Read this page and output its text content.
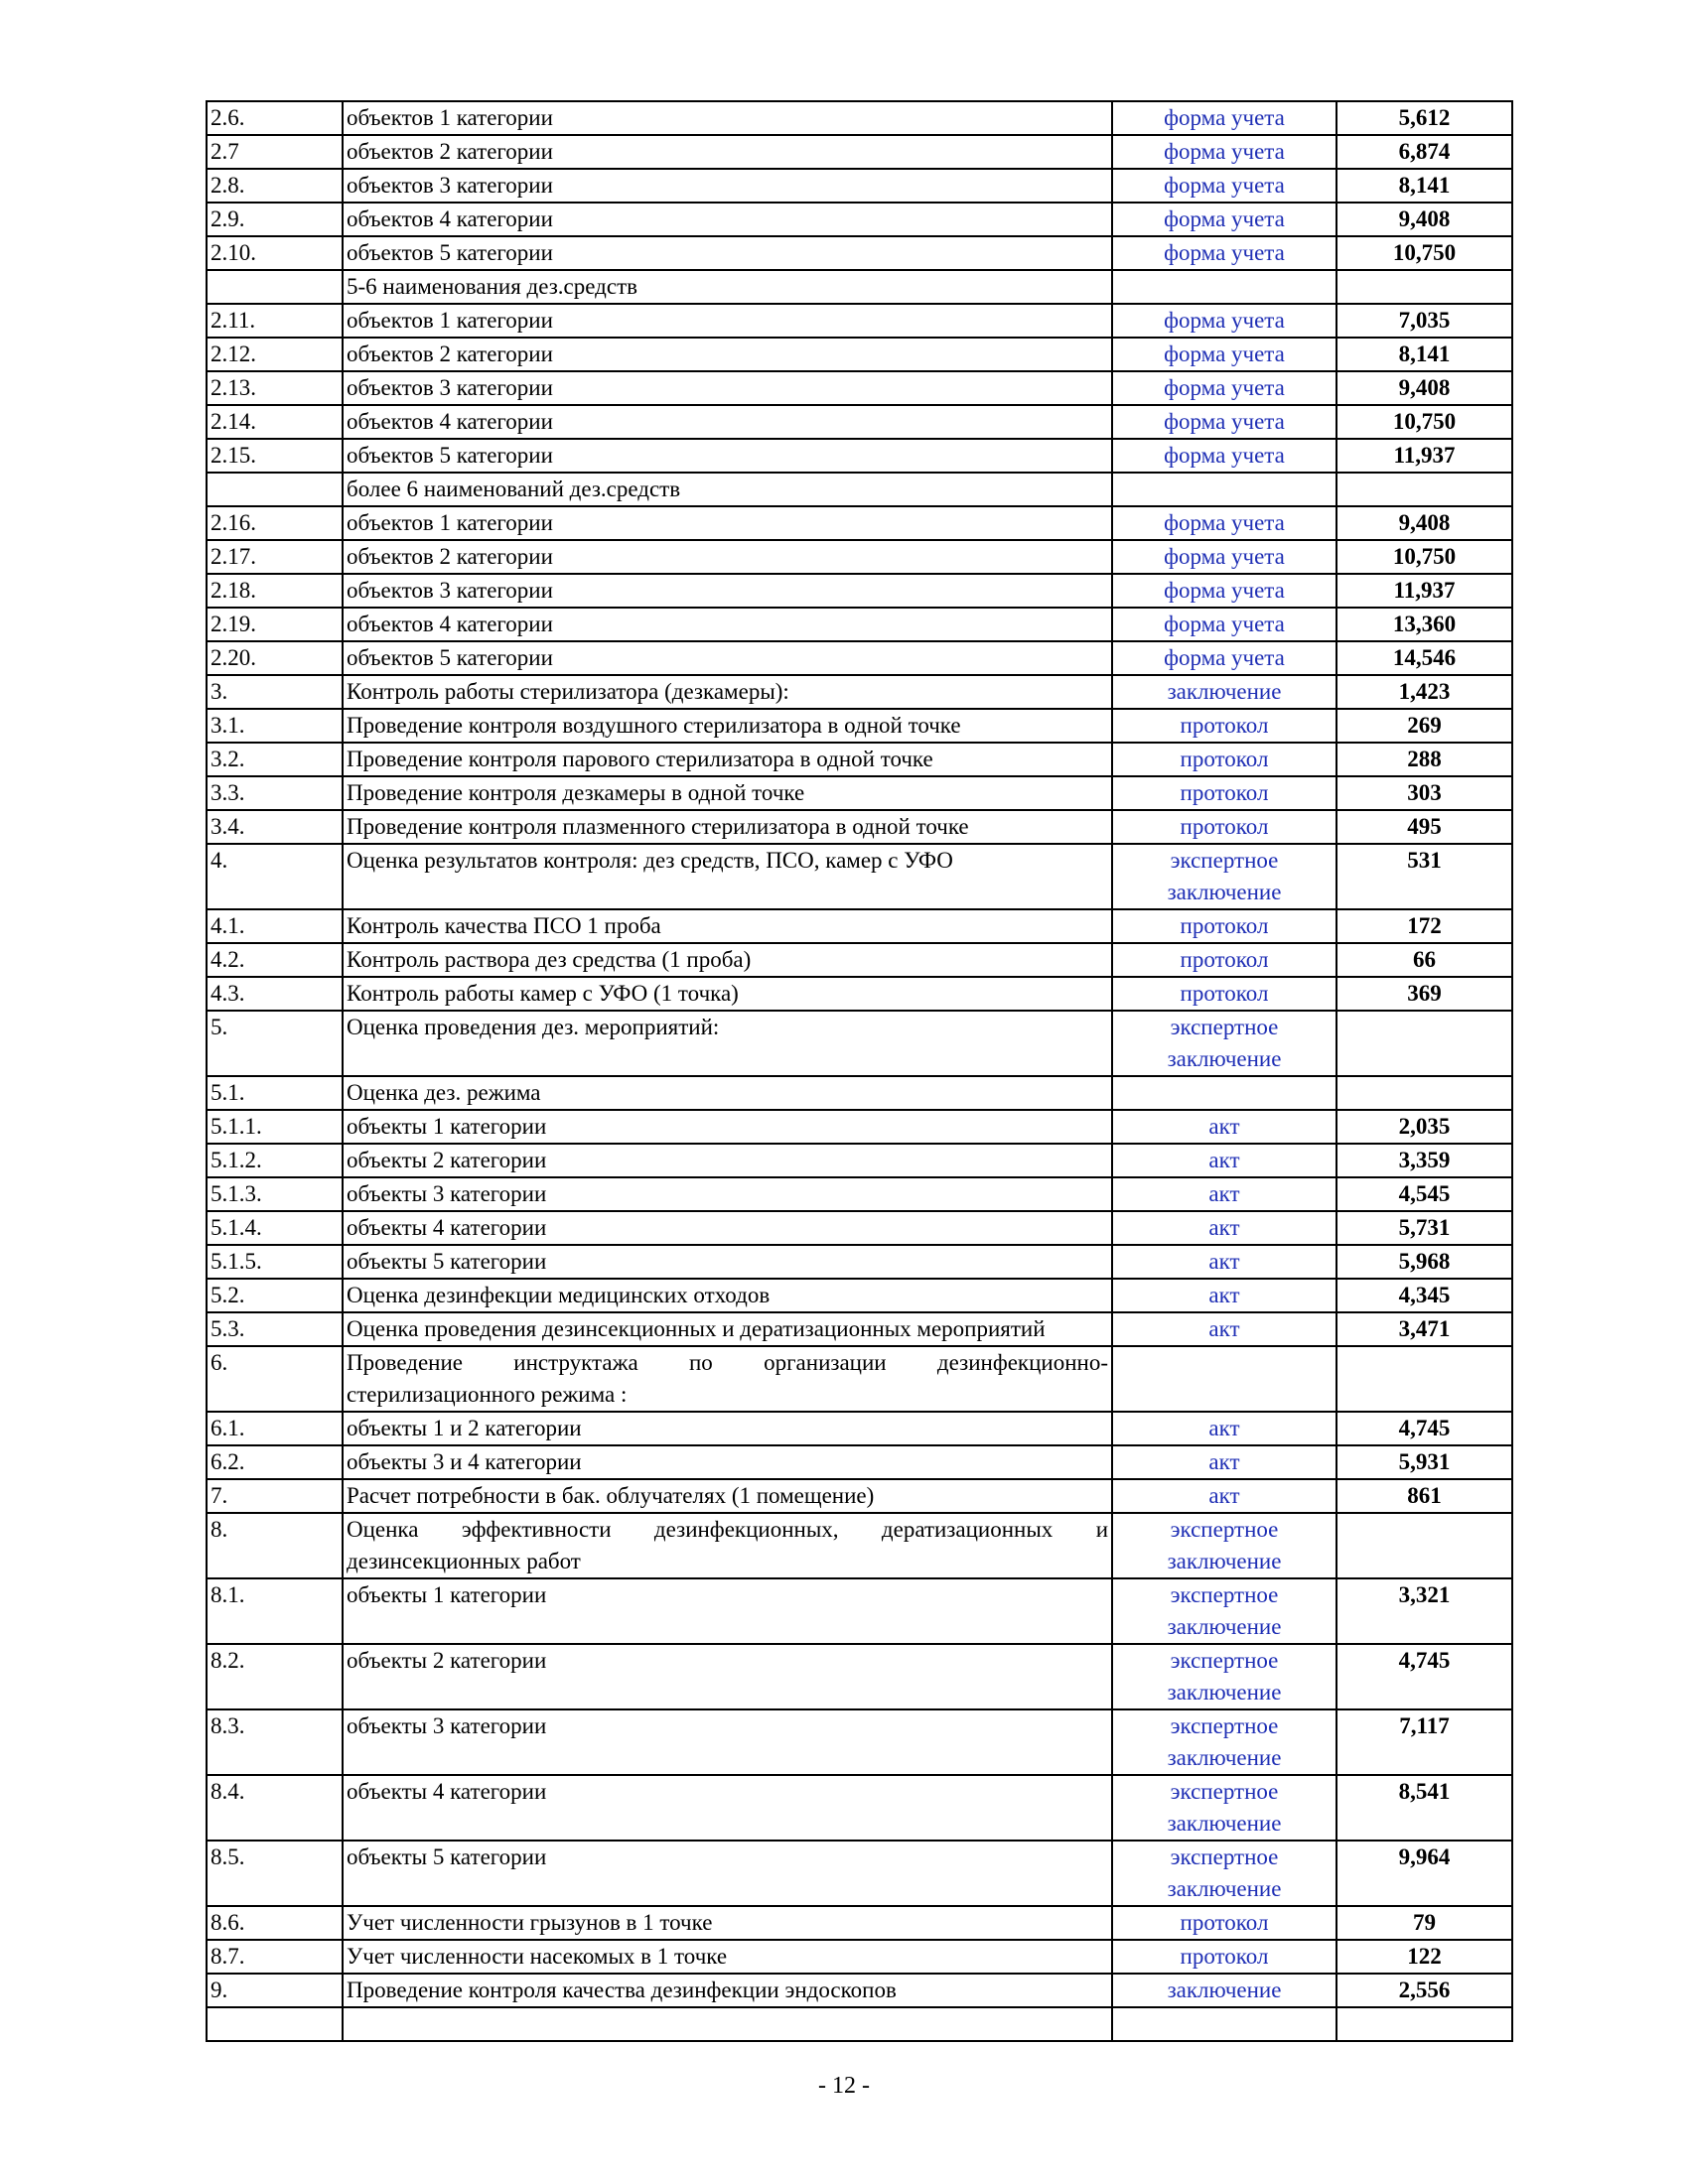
2.6.	объектов 1 категории	форма учета	5,612
2.7	объектов 2 категории	форма учета	6,874
2.8.	объектов 3 категории	форма учета	8,141
2.9.	объектов 4 категории	форма учета	9,408
2.10.	объектов 5 категории	форма учета	10,750
	5-6 наименования дез.средств		
2.11.	объектов 1 категории	форма учета	7,035
2.12.	объектов 2 категории	форма учета	8,141
2.13.	объектов 3 категории	форма учета	9,408
2.14.	объектов 4 категории	форма учета	10,750
2.15.	объектов 5 категории	форма учета	11,937
	более 6 наименований дез.средств		
2.16.	объектов 1 категории	форма учета	9,408
2.17.	объектов 2 категории	форма учета	10,750
2.18.	объектов 3 категории	форма учета	11,937
2.19.	объектов 4 категории	форма учета	13,360
2.20.	объектов 5 категории	форма учета	14,546
3.	Контроль работы стерилизатора (дезкамеры):	заключение	1,423
3.1.	Проведение контроля воздушного стерилизатора в одной точке	протокол	269
3.2.	Проведение контроля парового стерилизатора в одной точке	протокол	288
3.3.	Проведение контроля дезкамеры в одной точке	протокол	303
3.4.	Проведение контроля плазменного стерилизатора в одной точке	протокол	495
4.	Оценка результатов контроля: дез средств, ПСО, камер с УФО	экспертное заключение	531
4.1.	Контроль качества ПСО 1 проба	протокол	172
4.2.	Контроль раствора дез средства (1 проба)	протокол	66
4.3.	Контроль работы камер с УФО (1 точка)	протокол	369
5.	Оценка проведения дез. мероприятий:	экспертное заключение	
5.1.	Оценка дез. режима		
5.1.1.	объекты 1 категории	акт	2,035
5.1.2.	объекты 2 категории	акт	3,359
5.1.3.	объекты 3 категории	акт	4,545
5.1.4.	объекты 4 категории	акт	5,731
5.1.5.	объекты 5 категории	акт	5,968
5.2.	Оценка дезинфекции медицинских отходов	акт	4,345
5.3.	Оценка проведения дезинсекционных и дератизационных мероприятий	акт	3,471
6.	Проведение инструктажа по организации дезинфекционно-стерилизационного режима :		
6.1.	объекты 1 и 2 категории	акт	4,745
6.2.	объекты 3 и 4 категории	акт	5,931
7.	Расчет потребности в бак. облучателях (1 помещение)	акт	861
8.	Оценка эффективности дезинфекционных, дератизационных и дезинсекционных работ	экспертное заключение	
8.1.	объекты 1 категории	экспертное заключение	3,321
8.2.	объекты 2 категории	экспертное заключение	4,745
8.3.	объекты 3 категории	экспертное заключение	7,117
8.4.	объекты 4 категории	экспертное заключение	8,541
8.5.	объекты 5 категории	экспертное заключение	9,964
8.6.	Учет численности грызунов в 1 точке	протокол	79
8.7.	Учет численности насекомых в 1 точке	протокол	122
9.	Проведение контроля качества дезинфекции эндоскопов	заключение	2,556

- 12 -
